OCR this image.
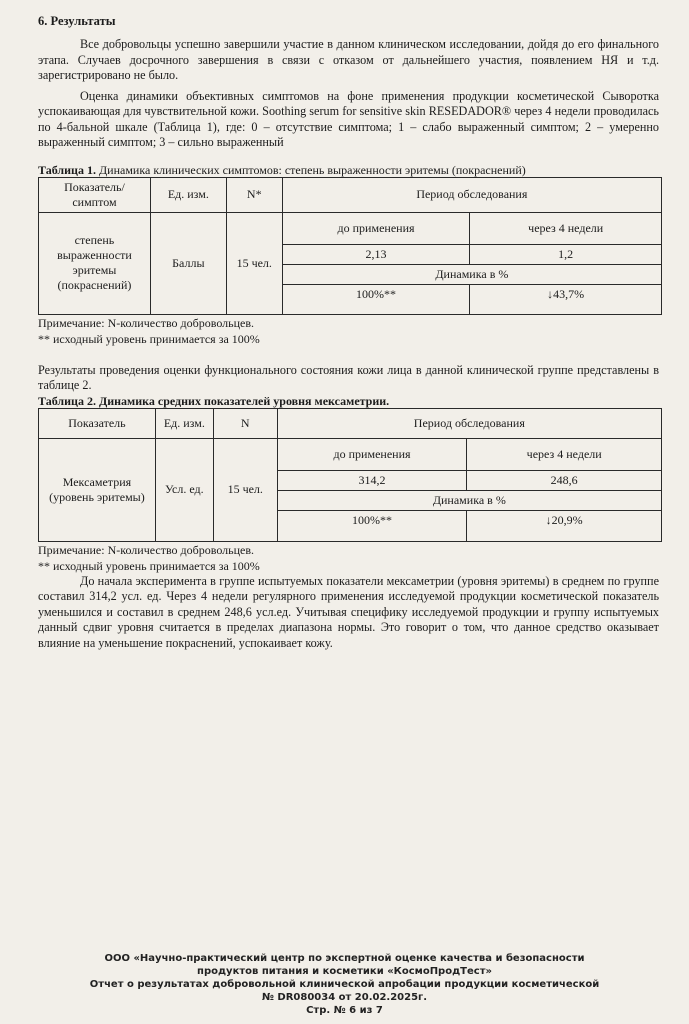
6. Результаты

Все добровольцы успешно завершили участие в данном клиническом исследовании, дойдя до его финального этапа. Случаев досрочного завершения в связи с отказом от дальнейшего участия, появлением НЯ и т.д. зарегистрировано не было.

Оценка динамики объективных симптомов на фоне применения продукции косметической Сыворотка успокаивающая для чувствительной кожи. Soothing serum for sensitive skin RESEDADOR® через 4 недели проводилась по 4-бальной шкале (Таблица 1), где: 0 – отсутствие симптома; 1 – слабо выраженный симптом; 2 – умеренно выраженный симптом; 3 – сильно выраженный

Таблица 1. Динамика клинических симптомов: степень выраженности эритемы (покраснений)
Показатель/ симптом	Ед. изм.	N*	Период обследования	
степень выраженности эритемы (покраснений)	Баллы	15 чел.	до применения	через 4 недели
			2,13	1,2
			Динамика в %	
			100%**	↓43,7%
Примечание: N-количество добровольцев.
** исходный уровень принимается за 100%

Результаты проведения оценки функционального состояния кожи лица в данной клинической группе представлены в таблице 2.

Таблица 2. Динамика средних показателей уровня мексаметрии.
Показатель	Ед. изм.	N	Период обследования	
Мексаметрия (уровень эритемы)	Усл. ед.	15 чел.	до применения	через 4 недели
			314,2	248,6
			Динамика в %	
			100%**	↓20,9%
Примечание: N-количество добровольцев.
** исходный уровень принимается за 100%

До начала эксперимента в группе испытуемых показатели мексаметрии (уровня эритемы) в среднем по группе составил 314,2 усл. ед. Через 4 недели регулярного применения исследуемой продукции косметической показатель уменьшился и составил в среднем 248,6 усл.ед. Учитывая специфику исследуемой продукции и группу испытуемых данный сдвиг уровня считается в пределах диапазона нормы. Это говорит о том, что данное средство оказывает влияние на уменьшение покраснений, успокаивает кожу.

ООО «Научно-практический центр по экспертной оценке качества и безопасности
продуктов питания и косметики «КосмоПродТест»
Отчет о результатах добровольной клинической апробации продукции косметической
№ DR080034 от 20.02.2025г.
Стр. № 6 из 7
